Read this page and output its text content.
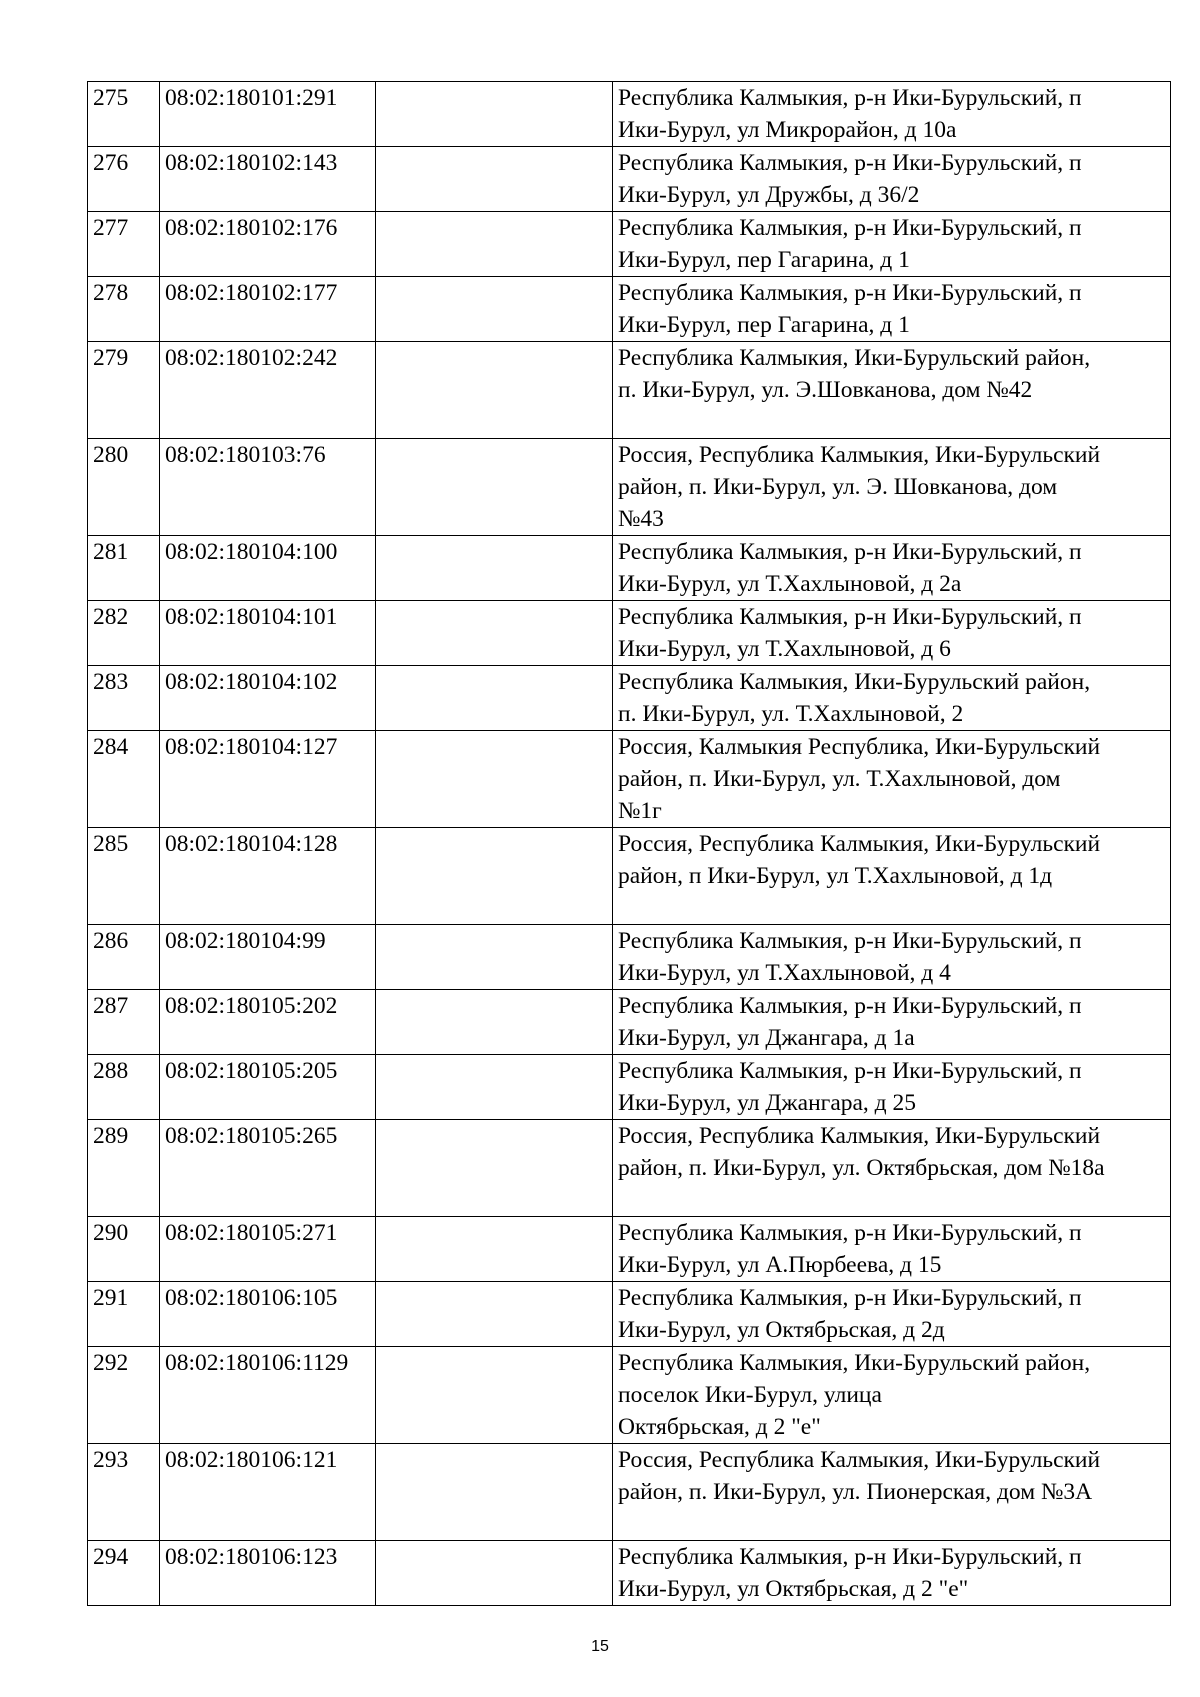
275	08:02:180101:291		Республика Калмыкия, р-н Ики-Бурульский, п
Ики-Бурул, ул Микрорайон, д 10а

276	08:02:180102:143		Республика Калмыкия, р-н Ики-Бурульский, п
Ики-Бурул, ул Дружбы, д 36/2

277	08:02:180102:176		Республика Калмыкия, р-н Ики-Бурульский, п
Ики-Бурул, пер Гагарина, д 1

278	08:02:180102:177		Республика Калмыкия, р-н Ики-Бурульский, п
Ики-Бурул, пер Гагарина, д 1

279	08:02:180102:242		Республика Калмыкия, Ики-Бурульский район,
п. Ики-Бурул, ул. Э.Шовканова, дом №42

280	08:02:180103:76		Россия, Республика Калмыкия, Ики-Бурульский
район, п. Ики-Бурул, ул. Э. Шовканова, дом
№43

281	08:02:180104:100		Республика Калмыкия, р-н Ики-Бурульский, п
Ики-Бурул, ул Т.Хахлыновой, д 2а

282	08:02:180104:101		Республика Калмыкия, р-н Ики-Бурульский, п
Ики-Бурул, ул Т.Хахлыновой, д 6

283	08:02:180104:102		Республика Калмыкия, Ики-Бурульский район,
п. Ики-Бурул, ул. Т.Хахлыновой, 2

284	08:02:180104:127		Россия, Калмыкия Республика, Ики-Бурульский
район, п. Ики-Бурул, ул. Т.Хахлыновой, дом
№1г

285	08:02:180104:128		Россия, Республика Калмыкия, Ики-Бурульский
район, п Ики-Бурул, ул Т.Хахлыновой, д 1д

286	08:02:180104:99		Республика Калмыкия, р-н Ики-Бурульский, п
Ики-Бурул, ул Т.Хахлыновой, д 4

287	08:02:180105:202		Республика Калмыкия, р-н Ики-Бурульский, п
Ики-Бурул, ул Джангара, д 1а

288	08:02:180105:205		Республика Калмыкия, р-н Ики-Бурульский, п
Ики-Бурул, ул Джангара, д 25

289	08:02:180105:265		Россия, Республика Калмыкия, Ики-Бурульский
район, п. Ики-Бурул, ул. Октябрьская, дом №18а

290	08:02:180105:271		Республика Калмыкия, р-н Ики-Бурульский, п
Ики-Бурул, ул А.Пюрбеева, д 15

291	08:02:180106:105		Республика Калмыкия, р-н Ики-Бурульский, п
Ики-Бурул, ул Октябрьская, д 2д

292	08:02:180106:1129		Республика Калмыкия, Ики-Бурульский район,
поселок Ики-Бурул, улица
Октябрьская, д 2 "е"

293	08:02:180106:121		Россия, Республика Калмыкия, Ики-Бурульский
район, п. Ики-Бурул, ул. Пионерская, дом №3А

294	08:02:180106:123		Республика Калмыкия, р-н Ики-Бурульский, п
Ики-Бурул, ул Октябрьская, д 2 "е"
15
